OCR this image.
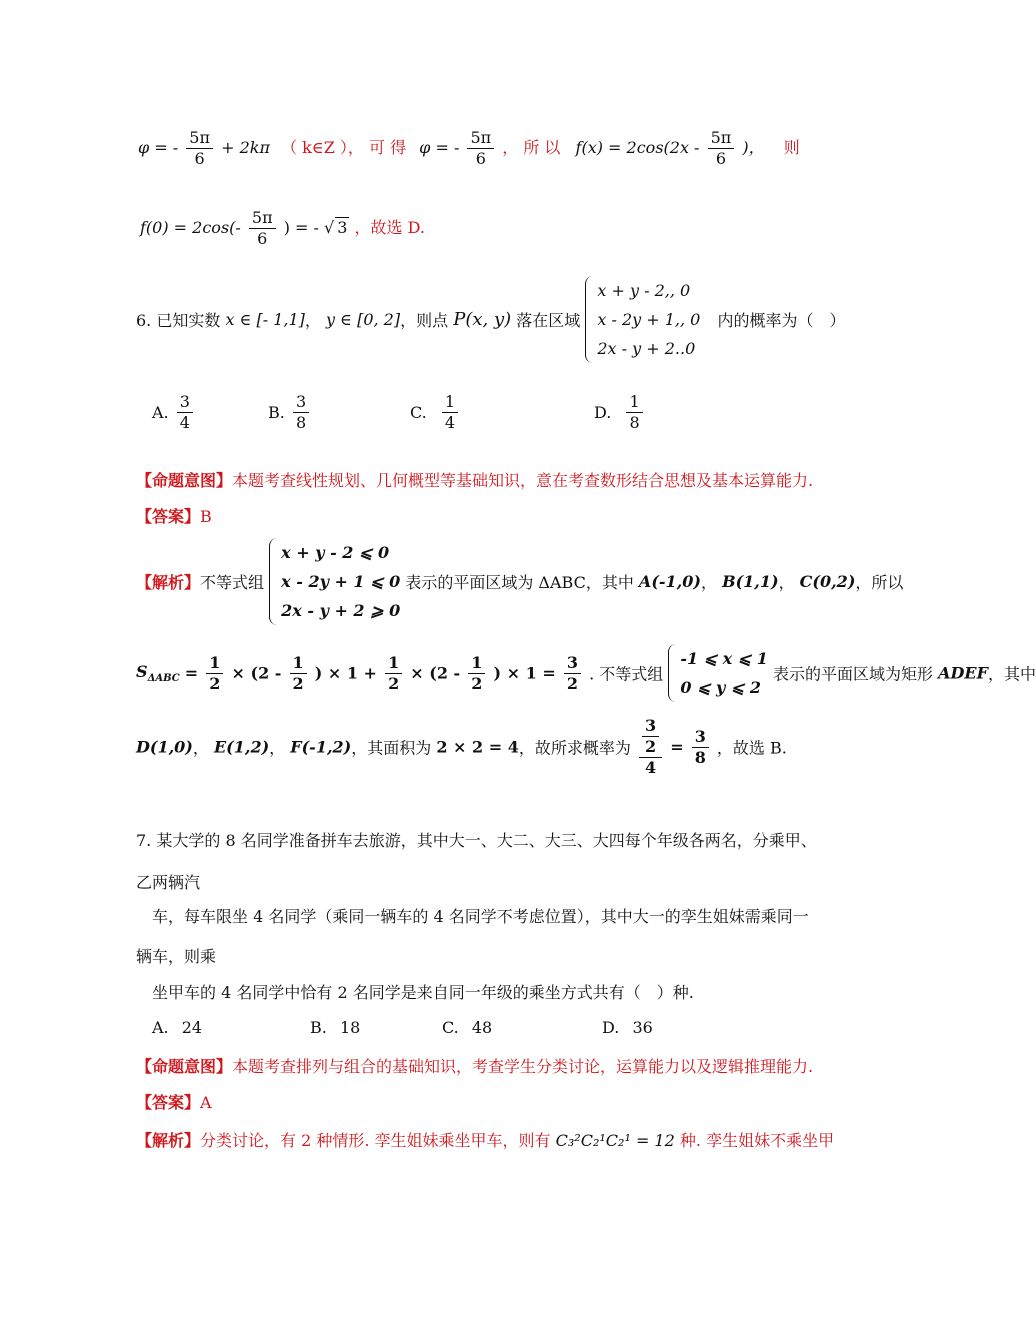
φ = - $\frac{5\pi}{6} + 2k\pi$ （ k∈Z ）， 可 得 φ = - $\frac{5\pi}{6}$ ， 所 以 $f(x) = 2\cos(2x - \frac{5\pi}{6}$ )， 则
$f(0) = 2\cos(- \frac{5\pi}{6}$ ) = - √ 3 ，故选 D.
6. 已知实数 x ∈ [- 1,1]， y ∈ [0, 2]，则点 P(x, y) 落在区域
x + y - 2,, 0
x - 2y + 1,, 0
2x - y + 2..0
内的概率为（　）
A. $\frac{3}{4}$	B. $\frac{3}{8}$	C. $\frac{1}{4}$	D. $\frac{1}{8}$
【命题意图】本题考查线性规划、几何概型等基础知识，意在考查数形结合思想及基本运算能力.
【答案】B
【解析】不等式组
x + y - 2 ⩽ 0
x - 2y + 1 ⩽ 0
2x - y + 2 ⩾ 0
表示的平面区域为 ΔABC，其中 A(-1,0)， B(1,1)， C(0,2)，所以
$S_{\Delta ABC} = \frac{1}{2} \times (2 - \frac{1}{2}$ ) × $1 + \frac{1}{2} \times (2 - \frac{1}{2}$ ) × $1 = \frac{3}{2}$ . 不等式组
-1 ⩽ x ⩽ 1
0 ⩽ y ⩽ 2
表示的平面区域为矩形 ADEF，其中
D(1,0)， E(1,2)， F(-1,2)，其面积为 2 × 2 = 4，故所求概率为 $\frac{\frac{3}{2}}{4} = \frac{3}{8}$ ，故选 B.
7. 某大学的 8 名同学准备拼车去旅游，其中大一、大二、大三、大四每个年级各两名，分乘甲、
乙两辆汽
车，每车限坐 4 名同学（乘同一辆车的 4 名同学不考虑位置），其中大一的孪生姐妹需乘同一
辆车，则乘
坐甲车的 4 名同学中恰有 2 名同学是来自同一年级的乘坐方式共有（　）种.
A. 24	B. 18	C. 48	D. 36
【命题意图】本题考查排列与组合的基础知识，考查学生分类讨论，运算能力以及逻辑推理能力.
【答案】A
【解析】分类讨论，有 2 种情形. 孪生姐妹乘坐甲车，则有 C₃²C₂¹C₂¹ = 12 种. 孪生姐妹不乘坐甲
